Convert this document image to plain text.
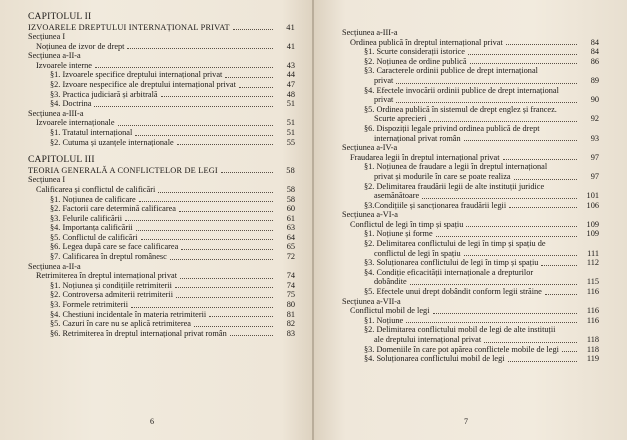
CAPITOLUL II
IZVOARELE DREPTULUI INTERNAȚIONAL PRIVAT	41
Secțiunea I
Noțiunea de izvor de drept	41
Secțiunea a-II-a
Izvoarele interne	43
§1. Izvoarele specifice dreptului internațional privat	44
§2. Izvoare nespecifice ale dreptului internațional privat	47
§3. Practica judiciară și arbitrală	48
§4. Doctrina	51
Secțiunea a-III-a
Izvoarele internaționale	51
§1. Tratatul internațional	51
§2. Cutuma și uzanțele internaționale	55
CAPITOLUL III
TEORIA GENERALĂ A CONFLICTELOR DE LEGI	58
Secțiunea I
Calificarea și conflictul de calificări	58
§1. Noțiunea de calificare	58
§2. Factorii care determină calificarea	60
§3. Felurile calificării	61
§4. Importanța calificării	63
§5. Conflictul de calificări	64
§6. Legea după care se face calificarea	65
§7. Calificarea în dreptul românesc	72
Secțiunea a-II-a
Retrimiterea în dreptul internațional privat	74
§1. Noțiunea și condițiile retrimiterii	74
§2. Controversa admiterii retrimiterii	75
§3. Formele retrimiterii	80
§4. Chestiuni incidentale în materia retrimiterii	81
§5. Cazuri în care nu se aplică retrimiterea	82
§6. Retrimiterea în dreptul internațional privat român	83
6
Secțiunea a-III-a
Ordinea publică în dreptul internațional privat	84
§1. Scurte considerații istorice	84
§2. Noțiunea de ordine publică	86
§3. Caracterele ordinii publice de drept internațional
privat	89
§4. Efectele invocării ordinii publice de drept internațional
privat	90
§5. Ordinea publică în sistemul de drept englez și francez.
Scurte aprecieri	92
§6. Dispoziții legale privind ordinea publică de drept
internațional privat român	93
Secțiunea a-IV-a
Fraudarea legii în dreptul internațional privat	97
§1. Noțiunea de fraudare a legii în dreptul internațional
privat și modurile în care se poate realiza	97
§2. Delimitarea fraudării legii de alte instituții juridice
asemănătoare	101
§3.Condițiile și sancționarea fraudării legii	106
Secțiunea a-VI-a
Conflictul de legi în timp și spațiu	109
§1. Noțiune și forme	109
§2. Delimitarea conflictului de legi în timp și spațiu de
conflictul de legi în spațiu	111
§3. Soluționarea conflictului de legi în timp și spațiu	112
§4. Condiție eficacității internaționale a drepturilor
dobândite	115
§5. Efectele unui drept dobândit conform legii străine	116
Secțiunea a-VII-a
Conflictul mobil de legi	116
§1. Noțiune	116
§2. Delimitarea conflictului mobil de legi de alte instituții
ale dreptului internațional privat	118
§3. Domeniile în care pot apărea conflictele mobile de legi	118
§4. Soluționarea conflictului mobil de legi	119
7
